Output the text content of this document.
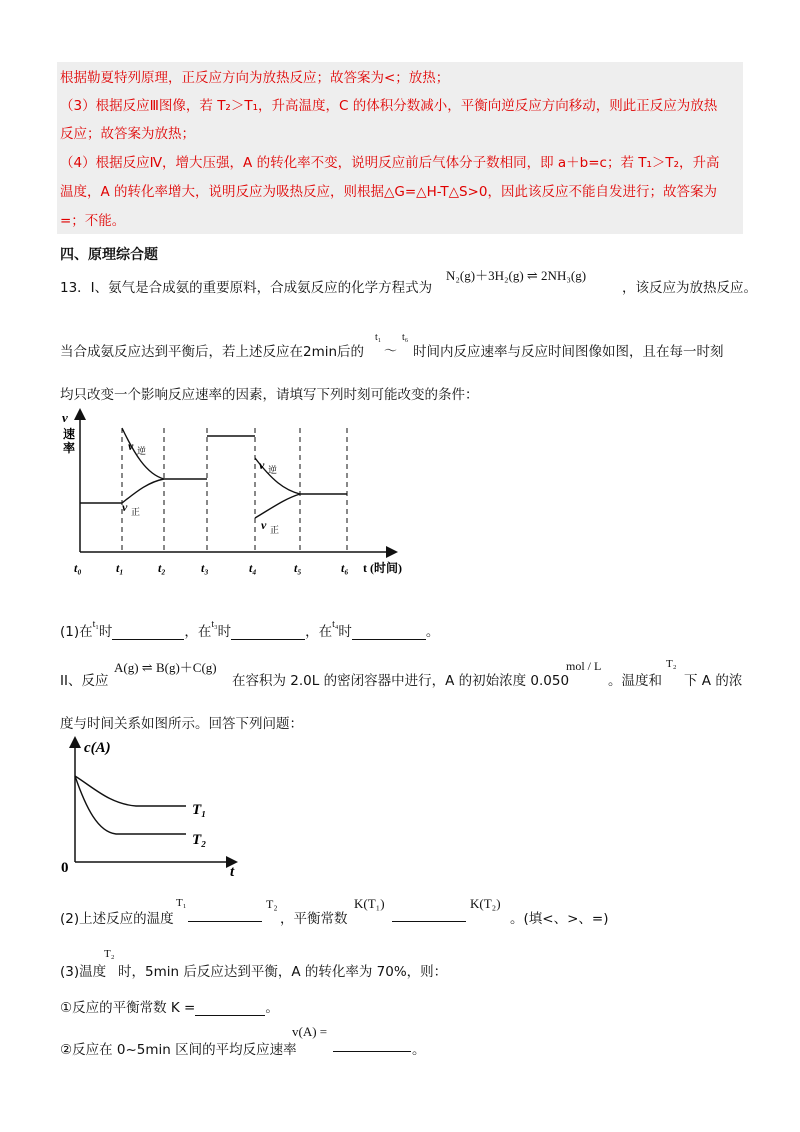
根据勒夏特列原理，正反应方向为放热反应；故答案为<；放热；
（3）根据反应Ⅲ图像，若 T₂＞T₁，升高温度，C 的体积分数减小，平衡向逆反应方向移动，则此正反应为放热
反应；故答案为放热；
（4）根据反应Ⅳ，增大压强，A 的转化率不变，说明反应前后气体分子数相同，即 a＋b=c；若 T₁＞T₂，升高
温度，A 的转化率增大，说明反应为吸热反应，则根据△G=△H-T△S>0，因此该反应不能自发进行；故答案为
=；不能。
四、原理综合题
13．I、氨气是合成氨的重要原料，合成氨反应的化学方程式为
N₂(g)＋3H₂(g) ⇌ 2NH₃(g)
，该反应为放热反应。
当合成氨反应达到平衡后，若上述反应在2min后的
t₁
～
t₆
时间内反应速率与反应时间图像如图，且在每一时刻
均只改变一个影响反应速率的因素，请填写下列时刻可能改变的条件：
v
速
率	v 逆
v 正
v 逆
v 正
t₀	t₁	t₂	t₃	t₄	t₅	t₆ t (时间)
(1)在$^{t_1}$时	，在$^{t_3}$时	，在$^{t_4}$时	。
II、反应
A(g) ⇌ B(g)＋C(g)
在容积为 2.0L 的密闭容器中进行，A 的初始浓度 0.050
mol / L
。温度和
T₂
下 A 的浓
度与时间关系如图所示。回答下列问题：
c(A)
0	t
T₁
T₂
(2)上述反应的温度
T₁	T₂
，平衡常数
K(T₁)	K(T₂)
。(填<、>、=)
(3)温度
T₂
时，5min 后反应达到平衡，A 的转化率为 70%，则：
①反应的平衡常数 K =	。
②反应在 0~5min 区间的平均反应速率
v(A) =
。
